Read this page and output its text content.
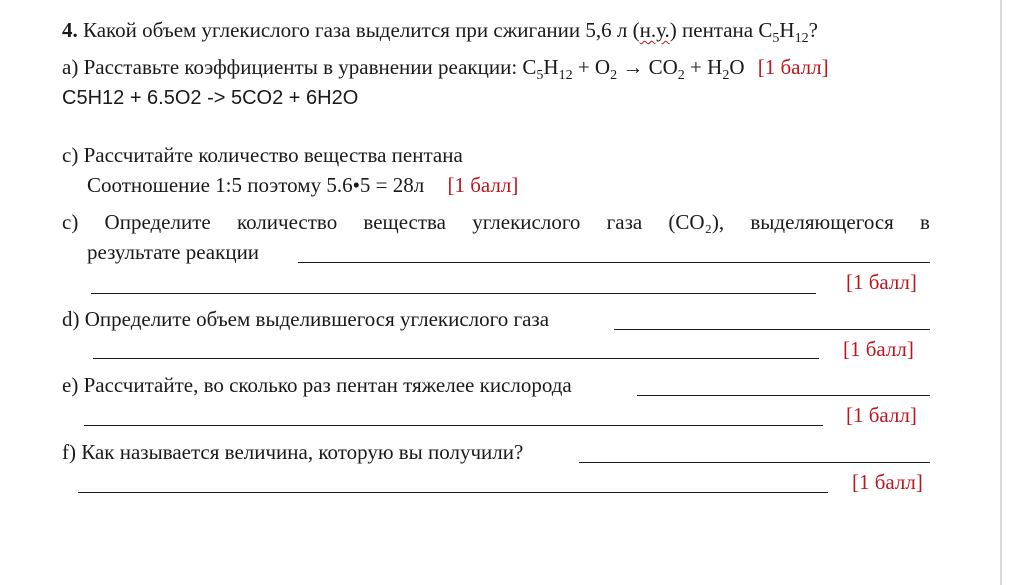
4. Какой объем углекислого газа выделится при сжигании 5,6 л (н.у.) пентана $C_5H_{12}$?
a) Расставьте коэффициенты в уравнении реакции: $C_5H_{12} + O_2 \to CO_2 + H_2O$ [1 балл]
C5H12 + 6.5O2 -> 5CO2 + 6H2O
c) Рассчитайте количество вещества пентана
Соотношение 1:5 поэтому 5.6•5 = 28л [1 балл]
c) Определите количество вещества углекислого газа (CO₂), выделяющегося в
результате реакции
[1 балл]
d) Определите объем выделившегося углекислого газа
[1 балл]
e) Рассчитайте, во сколько раз пентан тяжелее кислорода
[1 балл]
f) Как называется величина, которую вы получили?
[1 балл]
